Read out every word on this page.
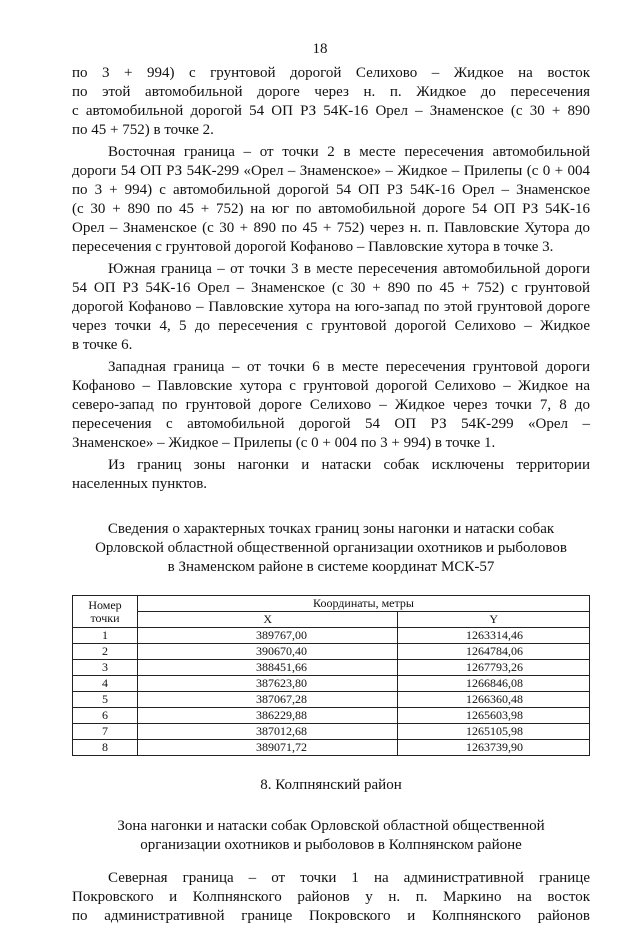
18
по 3 + 994) с грунтовой дорогой Селихово – Жидкое на восток
по этой автомобильной дороге через н. п. Жидкое до пересечения
с автомобильной дорогой 54 ОП РЗ 54К-16 Орел – Знаменское (с 30 + 890
по 45 + 752) в точке 2.
Восточная граница – от точки 2 в месте пересечения автомобильной
дороги 54 ОП РЗ 54К-299 «Орел – Знаменское» – Жидкое – Прилепы (с 0 + 004
по 3 + 994) с автомобильной дорогой 54 ОП РЗ 54К-16 Орел – Знаменское
(с 30 + 890 по 45 + 752) на юг по автомобильной дороге 54 ОП РЗ 54К-16
Орел – Знаменское (с 30 + 890 по 45 + 752) через н. п. Павловские Хутора до
пересечения с грунтовой дорогой Кофаново – Павловские хутора в точке 3.
Южная граница – от точки 3 в месте пересечения автомобильной дороги
54 ОП РЗ 54К-16 Орел – Знаменское (с 30 + 890 по 45 + 752) с грунтовой
дорогой Кофаново – Павловские хутора на юго-запад по этой грунтовой дороге
через точки 4, 5 до пересечения с грунтовой дорогой Селихово – Жидкое
в точке 6.
Западная граница – от точки 6 в месте пересечения грунтовой дороги
Кофаново – Павловские хутора с грунтовой дорогой Селихово – Жидкое на
северо-запад по грунтовой дороге Селихово – Жидкое через точки 7, 8 до
пересечения с автомобильной дорогой 54 ОП РЗ 54К-299 «Орел –
Знаменское» – Жидкое – Прилепы (с 0 + 004 по 3 + 994) в точке 1.
Из границ зоны нагонки и натаски собак исключены территории
населенных пунктов.

Сведения о характерных точках границ зоны нагонки и натаски собак

Орловской областной общественной организации охотников и рыболовов

в Знаменском районе в системе координат МСК-57

Номер
точки	Координаты, метры	
	X	Y
1	389767,00	1263314,46
2	390670,40	1264784,06
3	388451,66	1267793,26
4	387623,80	1266846,08
5	387067,28	1266360,48
6	386229,88	1265603,98
7	387012,68	1265105,98
8	389071,72	1263739,90

8. Колпнянский район

Зона нагонки и натаски собак Орловской областной общественной

организации охотников и рыболовов в Колпнянском районе

Северная граница – от точки 1 на административной границе
Покровского и Колпнянского районов у н. п. Маркино на восток
по административной границе Покровского и Колпнянского районов
